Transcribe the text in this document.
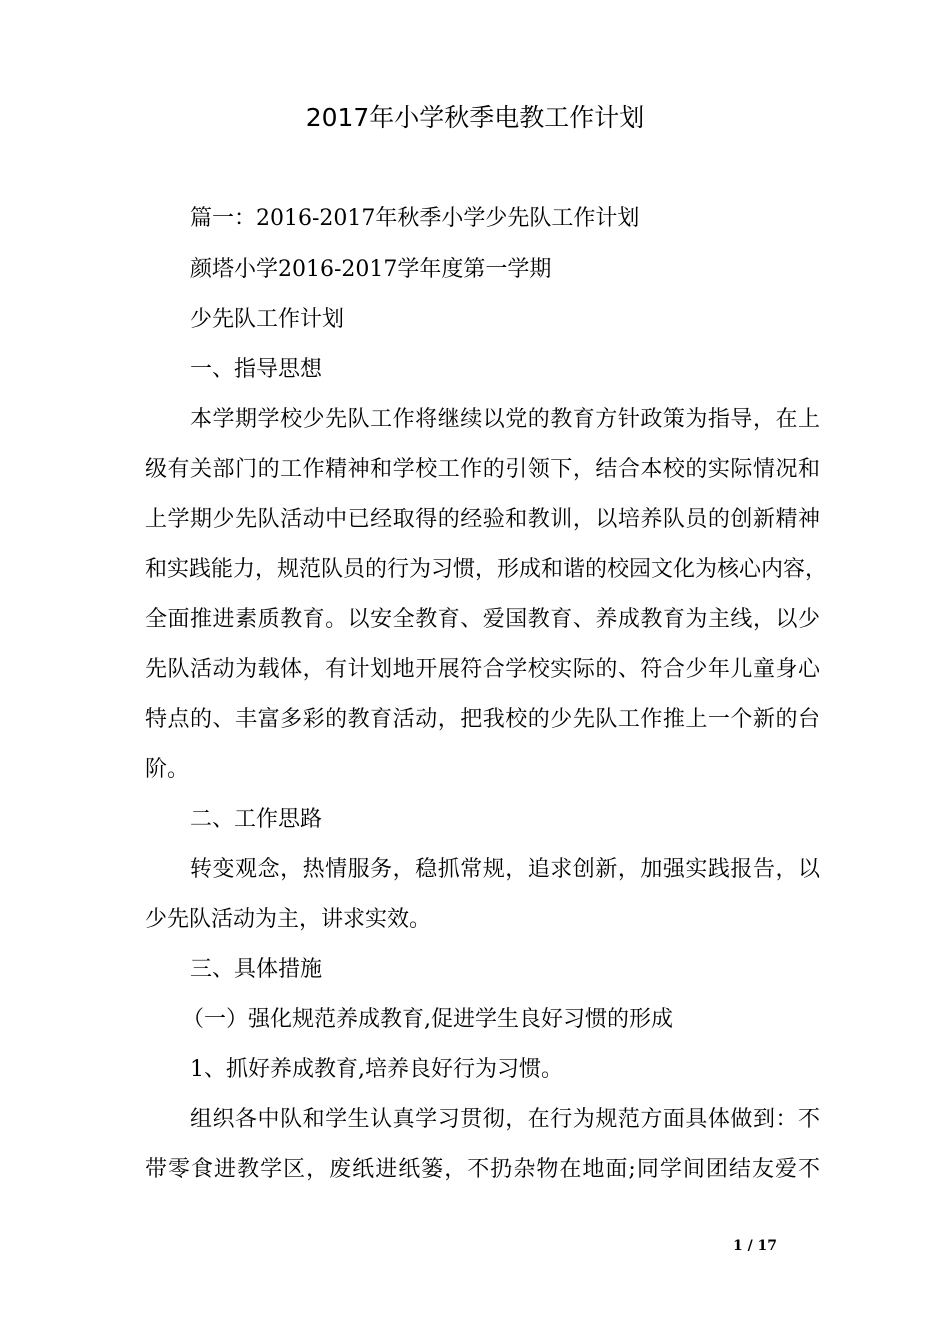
2017年小学秋季电教工作计划
篇一：2016-2017年秋季小学少先队工作计划
颜塔小学2016-2017学年度第一学期
少先队工作计划
一、指导思想
本学期学校少先队工作将继续以党的教育方针政策为指导，在上
级有关部门的工作精神和学校工作的引领下，结合本校的实际情况和
上学期少先队活动中已经取得的经验和教训，以培养队员的创新精神
和实践能力，规范队员的行为习惯，形成和谐的校园文化为核心内容，
全面推进素质教育。以安全教育、爱国教育、养成教育为主线，以少
先队活动为载体，有计划地开展符合学校实际的、符合少年儿童身心
特点的、丰富多彩的教育活动，把我校的少先队工作推上一个新的台
阶。
二、工作思路
转变观念，热情服务，稳抓常规，追求创新，加强实践报告，以
少先队活动为主，讲求实效。
三、具体措施
（一）强化规范养成教育,促进学生良好习惯的形成
1、抓好养成教育,培养良好行为习惯。
组织各中队和学生认真学习贯彻，在行为规范方面具体做到：不
带零食进教学区，废纸进纸篓，不扔杂物在地面;同学间团结友爱不
1 / 17
